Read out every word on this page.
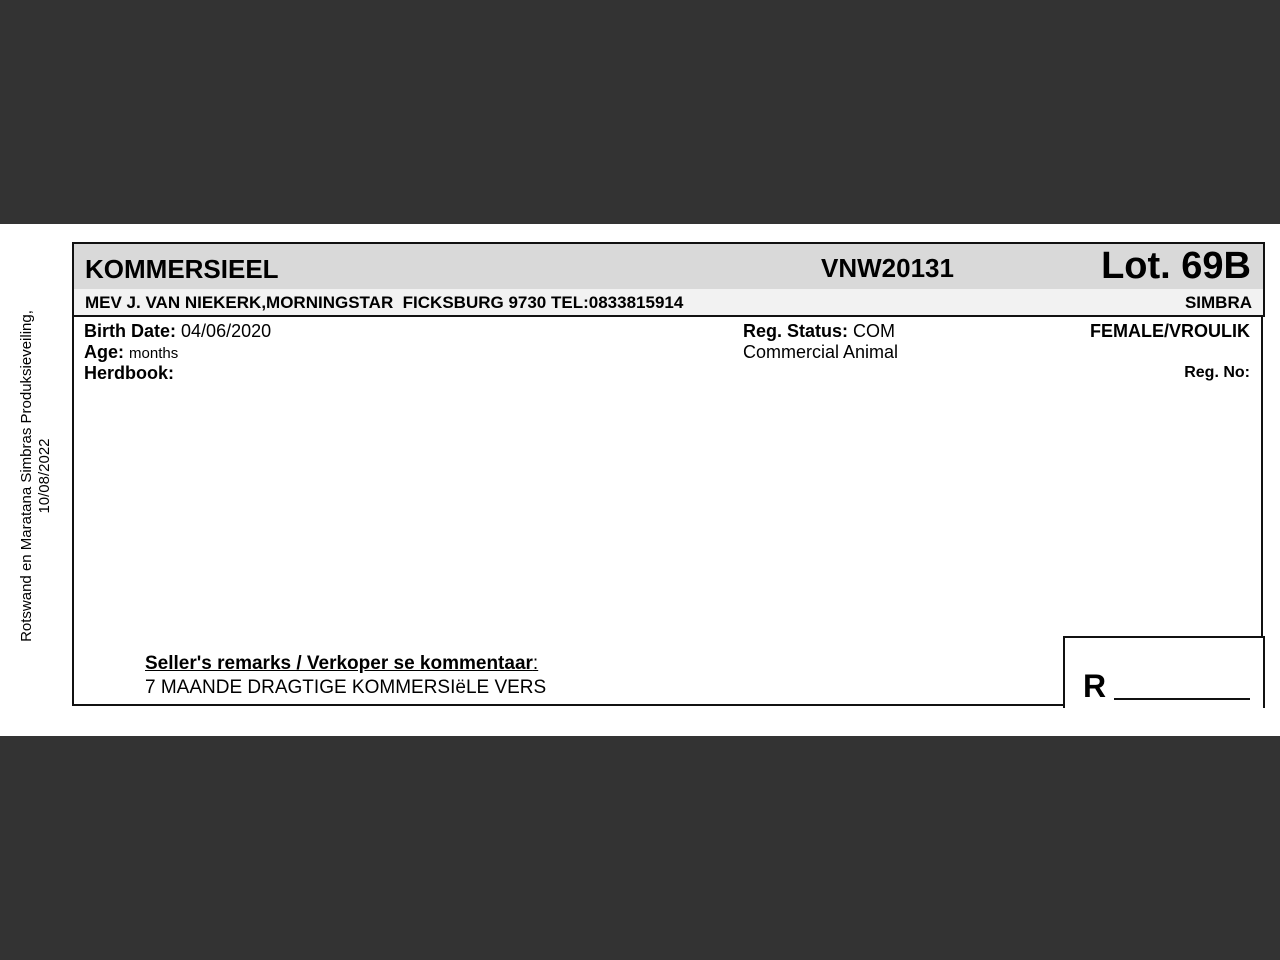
Rotswand en Maratana Simbras Produksieveiling, 10/08/2022
KOMMERSIEEL	VNW20131	Lot. 69B
MEV J. VAN NIEKERK,MORNINGSTAR  FICKSBURG 9730 TEL:0833815914	SIMBRA
Birth Date: 04/06/2020
Age: months
Herdbook:
Reg. Status: COM
Commercial Animal
FEMALE/VROULIK
Reg. No:
Seller's remarks / Verkoper se kommentaar:
7 MAANDE DRAGTIGE KOMMERSIëLE VERS	R
